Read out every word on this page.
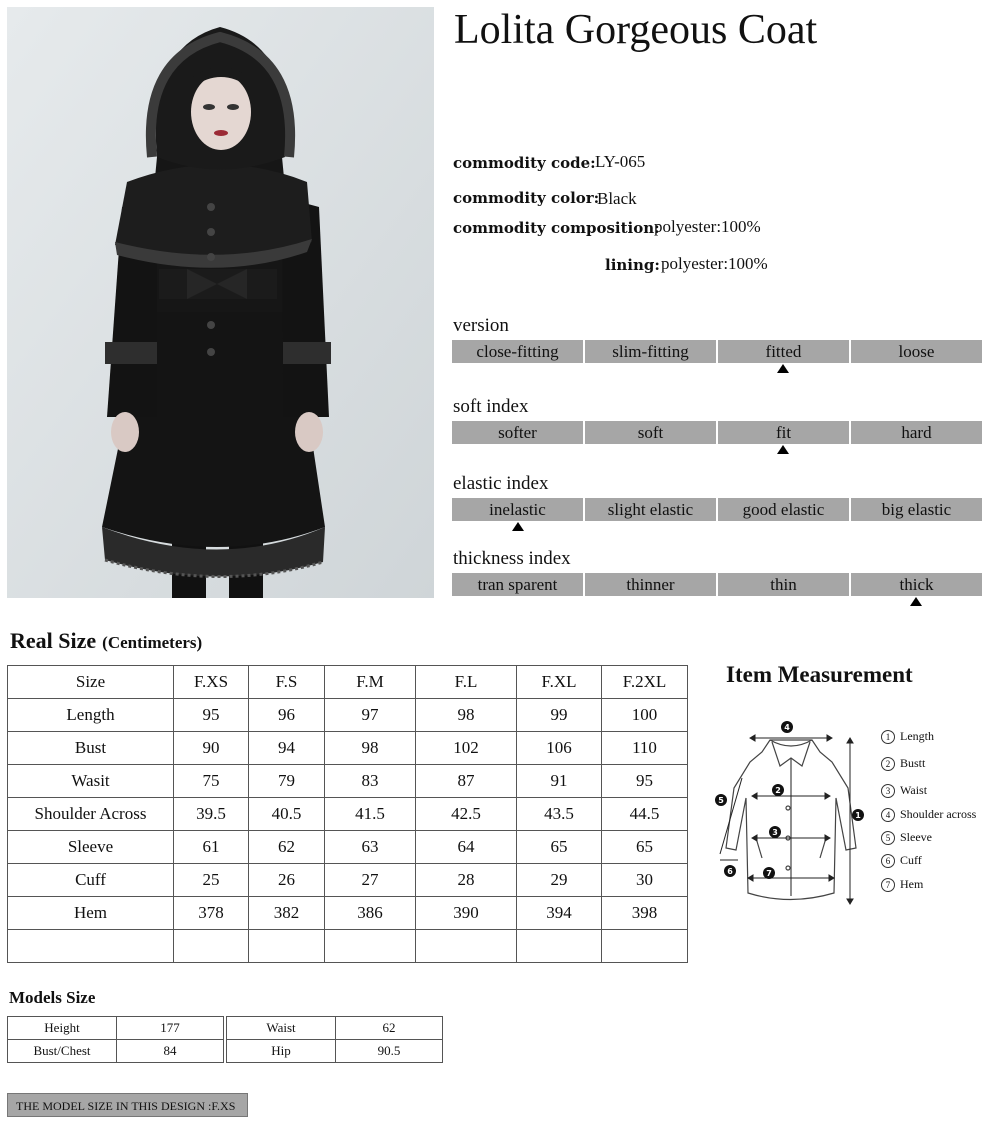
Lolita Gorgeous Coat
commodity code: LY-065
commodity color:
Black
commodity composition:
polyester:100%
lining: polyester:100%
version
close-fitting	slim-fitting	fitted	loose
soft index
softer	soft	fit	hard
elastic index
inelastic	slight elastic	good elastic	big elastic
thickness index
tran sparent	thinner	thin	thick
Real Size (Centimeters)
Size	F.XS	F.S	F.M	F.L	F.XL	F.2XL
Length	95	96	97	98	99	100
Bust	90	94	98	102	106	110
Wasit	75	79	83	87	91	95
Shoulder Across	39.5	40.5	41.5	42.5	43.5	44.5
Sleeve	61	62	63	64	65	65
Cuff	25	26	27	28	29	30
Hem	378	382	386	390	394	398

Item Measurement
4
2
3
7
1
5
6
1 Length
2 Bustt
3 Waist
4 Shoulder across
5 Sleeve
6 Cuff
7 Hem
Models Size
Height	177
Bust/Chest	84
Waist	62
Hip	90.5
THE MODEL SIZE IN THIS DESIGN :F.XS
